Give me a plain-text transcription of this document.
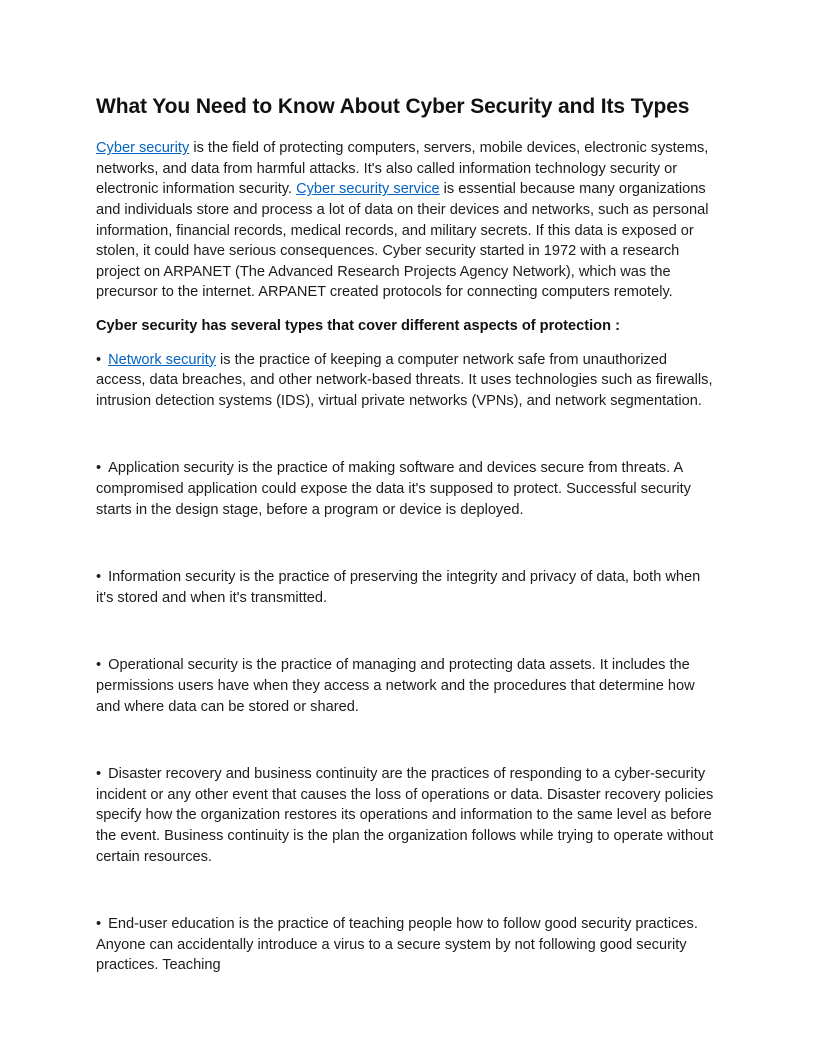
What You Need to Know About Cyber Security and Its Types

Cyber security is the field of protecting computers, servers, mobile devices, electronic systems, networks, and data from harmful attacks. It's also called information technology security or electronic information security. Cyber security service is essential because many organizations and individuals store and process a lot of data on their devices and networks, such as personal information, financial records, medical records, and military secrets. If this data is exposed or stolen, it could have serious consequences. Cyber security started in 1972 with a research project on ARPANET (The Advanced Research Projects Agency Network), which was the precursor to the internet. ARPANET created protocols for connecting computers remotely.

Cyber security has several types that cover different aspects of protection :

• Network security is the practice of keeping a computer network safe from unauthorized access, data breaches, and other network-based threats. It uses technologies such as firewalls, intrusion detection systems (IDS), virtual private networks (VPNs), and network segmentation.

• Application security is the practice of making software and devices secure from threats. A compromised application could expose the data it's supposed to protect. Successful security starts in the design stage, before a program or device is deployed.

• Information security is the practice of preserving the integrity and privacy of data, both when it's stored and when it's transmitted.

• Operational security is the practice of managing and protecting data assets. It includes the permissions users have when they access a network and the procedures that determine how and where data can be stored or shared.

• Disaster recovery and business continuity are the practices of responding to a cyber-security incident or any other event that causes the loss of operations or data. Disaster recovery policies specify how the organization restores its operations and information to the same level as before the event. Business continuity is the plan the organization follows while trying to operate without certain resources.

• End-user education is the practice of teaching people how to follow good security practices. Anyone can accidentally introduce a virus to a secure system by not following good security practices. Teaching
